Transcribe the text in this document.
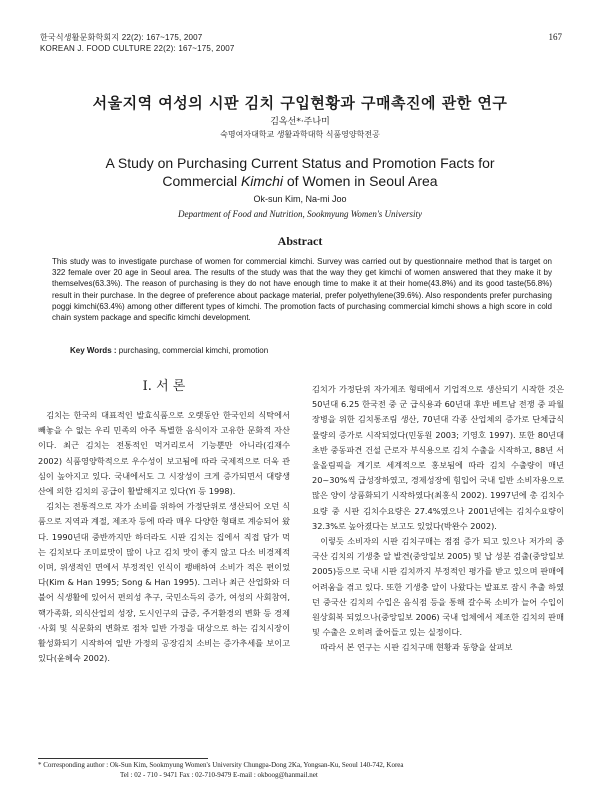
한국식생활문화학회지 22(2): 167~175, 2007
KOREAN J. FOOD CULTURE 22(2): 167~175, 2007
167
서울지역 여성의 시판 김치 구입현황과 구매촉진에 관한 연구
김옥선*·주나미
숙명여자대학교 생활과학대학 식품영양학전공
A Study on Purchasing Current Status and Promotion Facts for
Commercial Kimchi of Women in Seoul Area
Ok-sun Kim, Na-mi Joo
Department of Food and Nutrition, Sookmyung Women's University
Abstract
This study was to investigate purchase of women for commercial kimchi. Survey was carried out by questionnaire method that is target on 322 female over 20 age in Seoul area. The results of the study was that the way they get kimchi of women answered that they make it by themselves(63.3%). The reason of purchasing is they do not have enough time to make it at their home(43.8%) and its good taste(56.8%) result in their purchase. In the degree of preference about package material, prefer polyethylene(39.6%). Also respondents prefer purchasing poggi kimchi(63.4%) among other different types of kimchi. The promotion facts of purchasing commercial kimchi shows a high score in cold chain system package and specific kimchi development.
Key Words : purchasing, commercial kimchi, promotion
I. 서 론

김치는 한국의 대표적인 발효식품으로 오랫동안 한국인의 식탁에서 빼놓을 수 없는 우리 민족의 아주 특별한 음식이자 고유한 문화적 자산이다. 최근 김치는 전통적인 먹거리로서 기능뿐만 아니라(김재수 2002) 식품영양학적으로 우수성이 보고됨에 따라 국제적으로 더욱 관심이 높아지고 있다. 국내에서도 그 시장성이 크게 증가되면서 대량생산에 의한 김치의 공급이 활발해지고 있다(Yi 등 1998).

김치는 전통적으로 자가 소비를 위하여 가정단위로 생산되어 오던 식품으로 지역과 계절, 제조자 등에 따라 매우 다양한 형태로 계승되어 왔다. 1990년대 중반까지만 하더라도 시판 김치는 집에서 직접 담가 먹는 김치보다 조미료맛이 많이 나고 김치 맛이 좋지 않고 다소 비경제적이며, 위생적인 면에서 부정적인 인식이 팽배하여 소비가 적은 편이었다(Kim & Han 1995; Song & Han 1995). 그러나 최근 산업화와 더불어 식생활에 있어서 편의성 추구, 국민소득의 증가, 여성의 사회참여, 핵가족화, 의식산업의 성장, 도시인구의 급증, 주거환경의 변화 등 경제·사회 및 식문화의 변화로 점차 일반 가정을 대상으로 하는 김치시장이 활성화되기 시작하여 일반 가정의 공장김치 소비는 증가추세를 보이고 있다(윤혜숙 2002).

김치가 가정단위 자가제조 형태에서 기업적으로 생산되기 시작한 것은 50년대 6.25 한국전 중 군 급식용과 60년대 후반 베트남 전쟁 중 파월장병을 위한 김치통조림 생산, 70년대 각종 산업체의 증가로 단체급식 물량의 증가로 시작되었다(민동원 2003; 기영호 1997). 또한 80년대 초반 중동파견 건설 근로자 부식용으로 김치 수출을 시작하고, 88년 서울올림픽을 계기로 세계적으로 홍보됨에 따라 김치 수출량이 매년 20~30%씩 급성장하였고, 경제성장에 힘입어 국내 일반 소비자용으로 많은 양이 상품화되기 시작하였다(최홍식 2002). 1997년에 총 김치수요량 중 시판 김치수요량은 27.4%였으나 2001년에는 김치수요량이 32.3%로 높아졌다는 보고도 있었다(박완수 2002).

이렇듯 소비자의 시판 김치구매는 점점 증가 되고 있으나 저가의 중국산 김치의 기생충 알 발견(중앙일보 2005) 및 납 성분 검출(중앙일보 2005)등으로 국내 시판 김치까지 부정적인 평가를 받고 있으며 판매에 어려움을 겪고 있다. 또한 기생충 알이 나왔다는 발표로 잠시 추출 하였던 중국산 김치의 수입은 음식점 등을 통해 갈수록 소비가 늘어 수입이 원상회복 되었으나(중앙일보 2006) 국내 업체에서 제조한 김치의 판매 및 수출은 오히려 줄어들고 있는 실정이다.

따라서 본 연구는 시판 김치구매 현황과 동향을 살펴보

* Corresponding author : Ok-Sun Kim, Sookmyung Women's University Chungpa-Dong 2Ka, Yongsan-Ku, Seoul 140-742, Korea
Tel : 02 - 710 - 9471 Fax : 02-710-9479 E-mail : okboog@hanmail.net
